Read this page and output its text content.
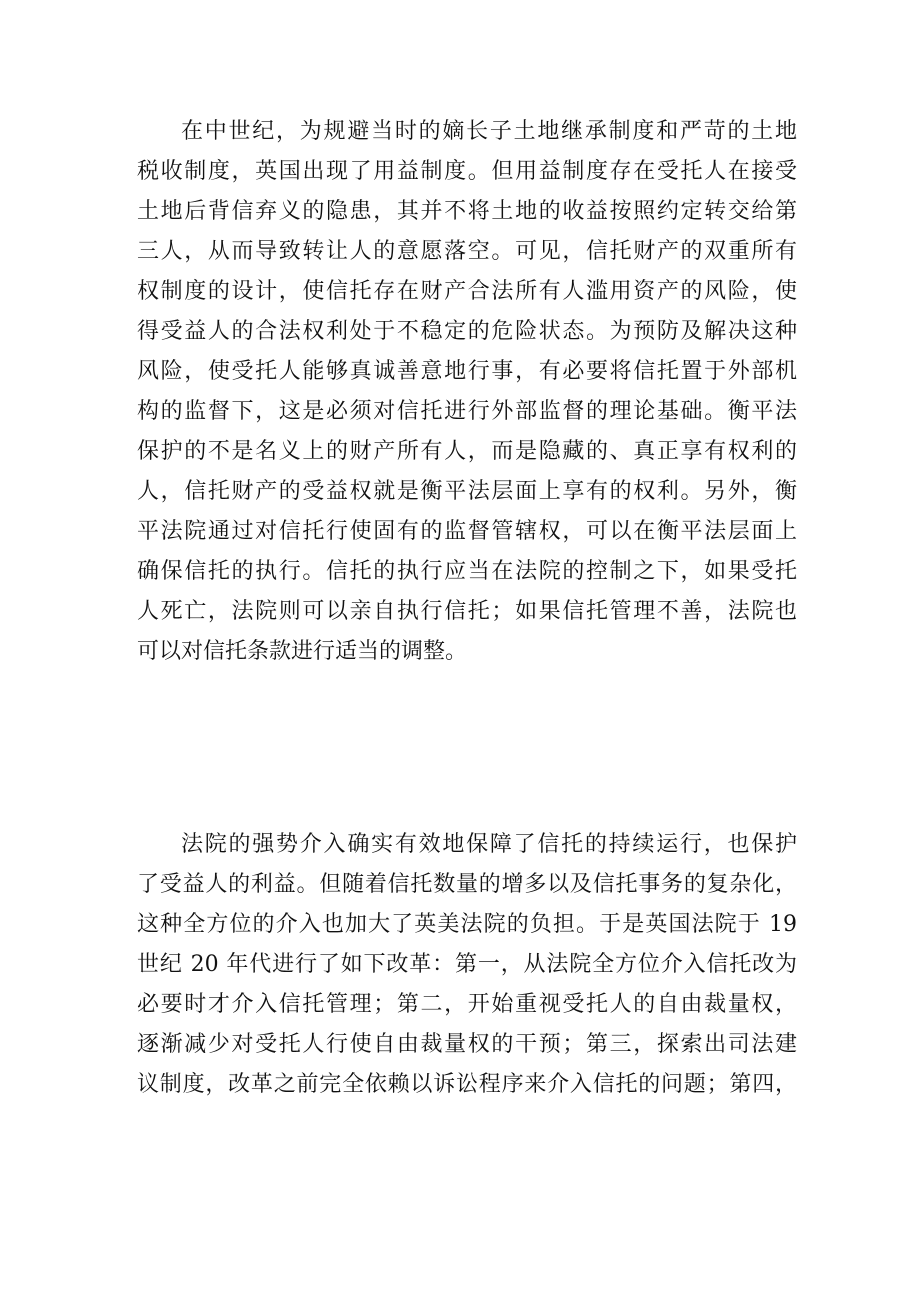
在中世纪，为规避当时的嫡长子土地继承制度和严苛的土地
税收制度，英国出现了用益制度。但用益制度存在受托人在接受
土地后背信弃义的隐患，其并不将土地的收益按照约定转交给第
三人，从而导致转让人的意愿落空。可见，信托财产的双重所有
权制度的设计，使信托存在财产合法所有人滥用资产的风险，使
得受益人的合法权利处于不稳定的危险状态。为预防及解决这种
风险，使受托人能够真诚善意地行事，有必要将信托置于外部机
构的监督下，这是必须对信托进行外部监督的理论基础。衡平法
保护的不是名义上的财产所有人，而是隐藏的、真正享有权利的
人，信托财产的受益权就是衡平法层面上享有的权利。另外，衡
平法院通过对信托行使固有的监督管辖权，可以在衡平法层面上
确保信托的执行。信托的执行应当在法院的控制之下，如果受托
人死亡，法院则可以亲自执行信托；如果信托管理不善，法院也
可以对信托条款进行适当的调整。
法院的强势介入确实有效地保障了信托的持续运行，也保护
了受益人的利益。但随着信托数量的增多以及信托事务的复杂化，
这种全方位的介入也加大了英美法院的负担。于是英国法院于 19
世纪 20 年代进行了如下改革：第一，从法院全方位介入信托改为
必要时才介入信托管理；第二，开始重视受托人的自由裁量权，
逐渐减少对受托人行使自由裁量权的干预；第三，探索出司法建
议制度，改革之前完全依赖以诉讼程序来介入信托的问题；第四，
